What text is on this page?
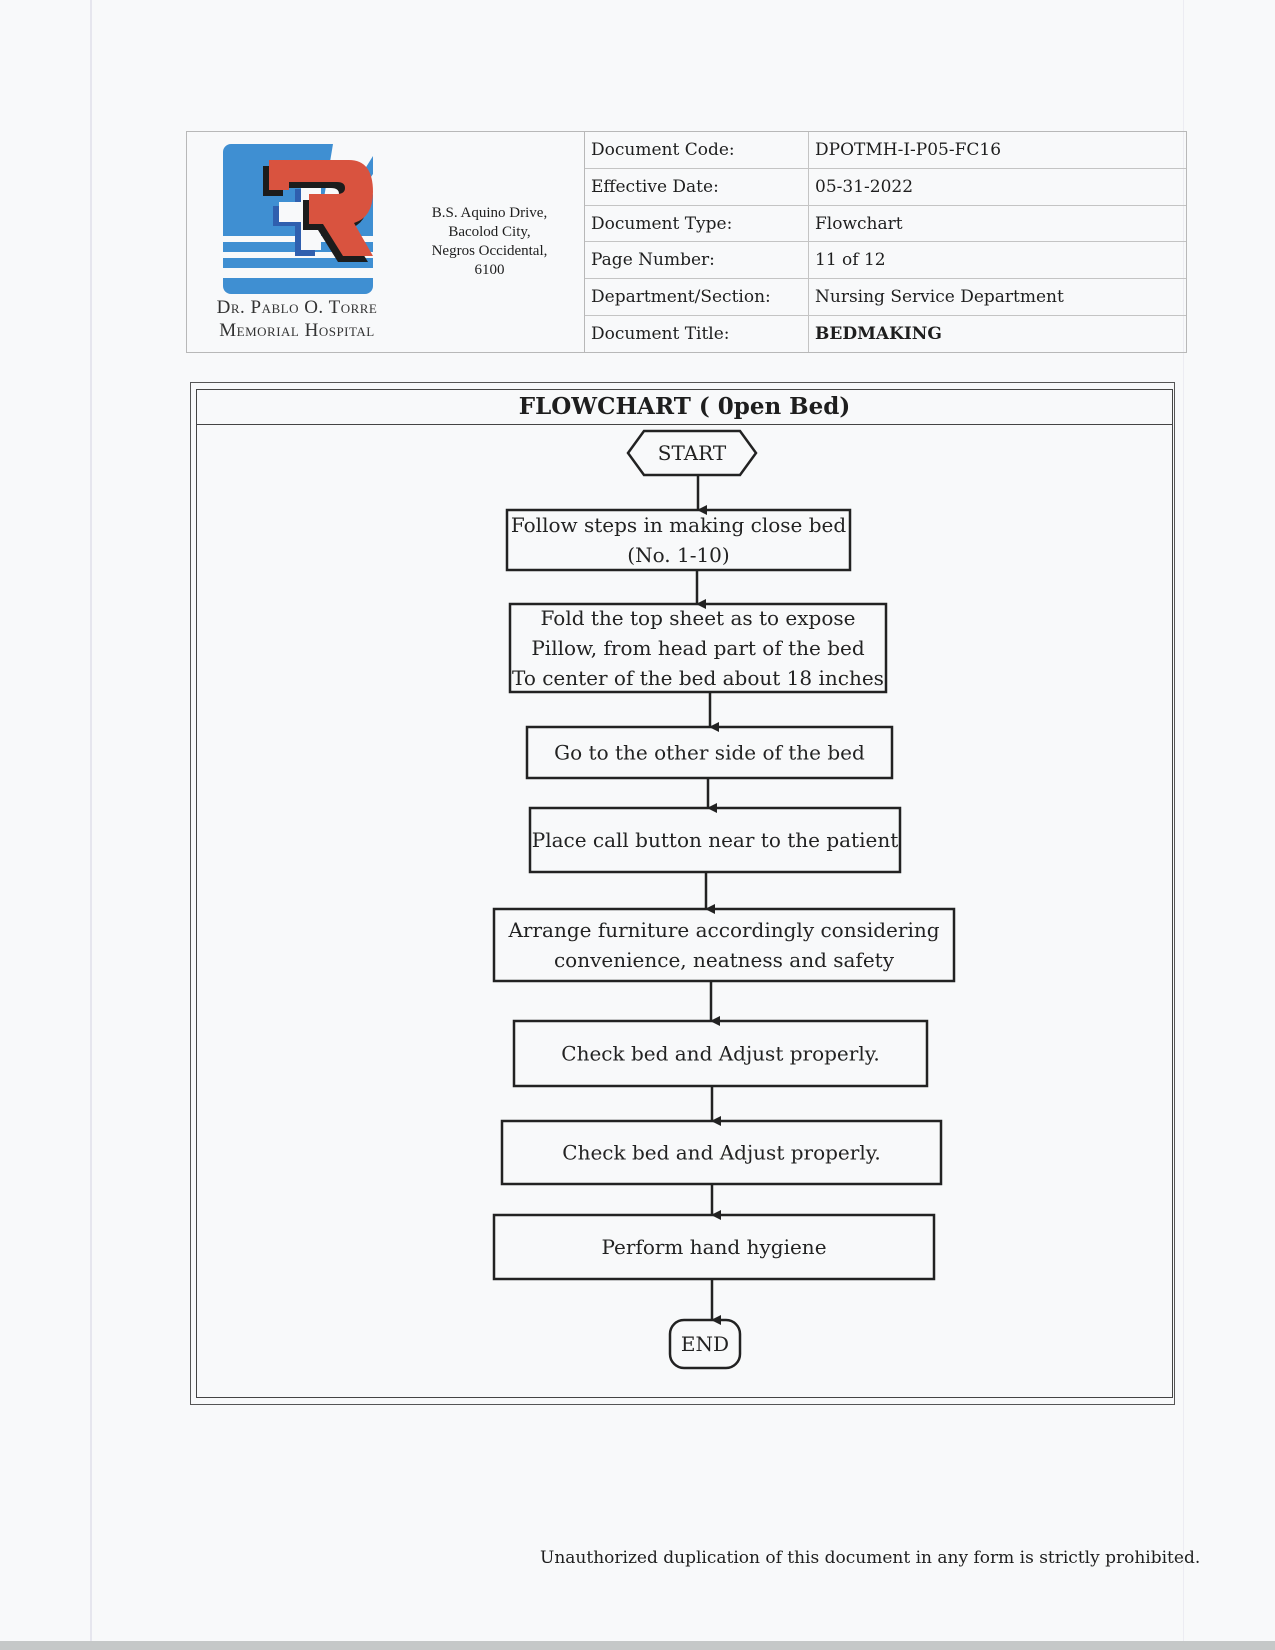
Dr. Pablo O. Torre
Memorial Hospital
B.S. Aquino Drive,
Bacolod City,
Negros Occidental,
6100
Document Code:	DPOTMH-I-P05-FC16
Effective Date:	05-31-2022
Document Type:	Flowchart
Page Number:	11 of 12
Department/Section:	Nursing Service Department
Document Title:	BEDMAKING
FLOWCHART ( 0pen Bed)
START
Follow steps in making close bed
(No. 1-10)
Fold the top sheet as to expose
Pillow, from head part of the bed
To center of the bed about 18 inches
Go to the other side of the bed
Place call button near to the patient
Arrange furniture accordingly considering
convenience, neatness and safety
Check bed and Adjust properly.
Check bed and Adjust properly.
Perform hand hygiene
END
Unauthorized duplication of this document in any form is strictly prohibited.
